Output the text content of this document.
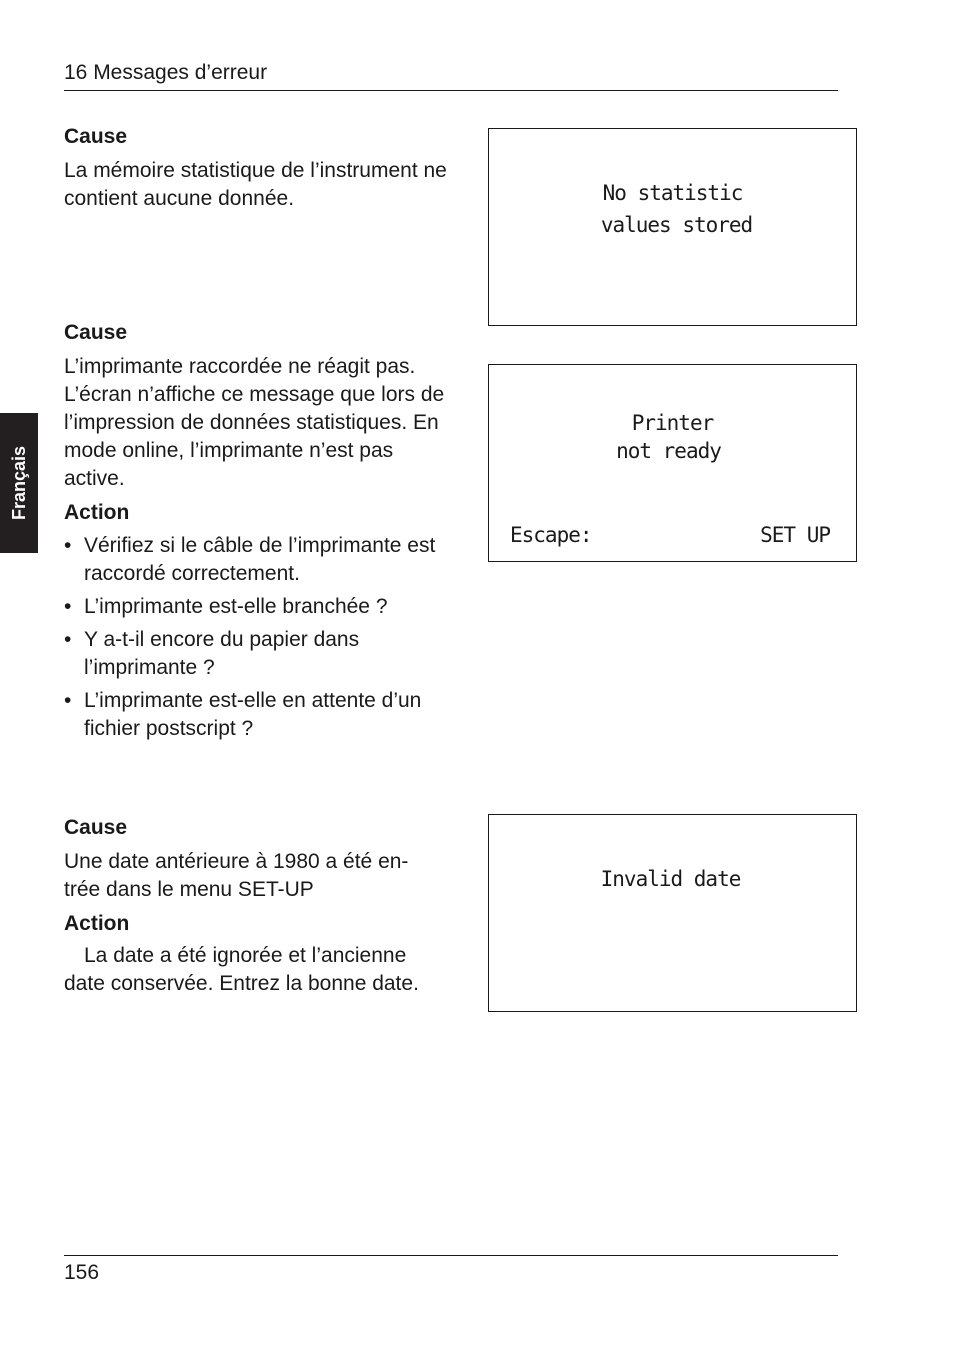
16 Messages d’erreur
Français
Cause

La mémoire statistique de l’instrument ne contient aucune donnée.	No statistic
values stored
Cause

L’imprimante raccordée ne réagit pas. L’écran n’affiche ce message que lors de l’impression de données statistiques. En mode online, l’imprimante n’est pas active.

Action
• Vérifiez si le câble de l’imprimante est raccordé correctement.
• L’imprimante est-elle branchée ?
• Y a-t-il encore du papier dans l’imprimante ?
• L’imprimante est-elle en attente d’un fichier postscript ?
Printer
not ready
Escape:	SET UP
Cause

Une date antérieure à 1980 a été en-trée dans le menu SET-UP

Action

La date a été ignorée et l’ancienne date conservée. Entrez la bonne date.

Invalid date
156
